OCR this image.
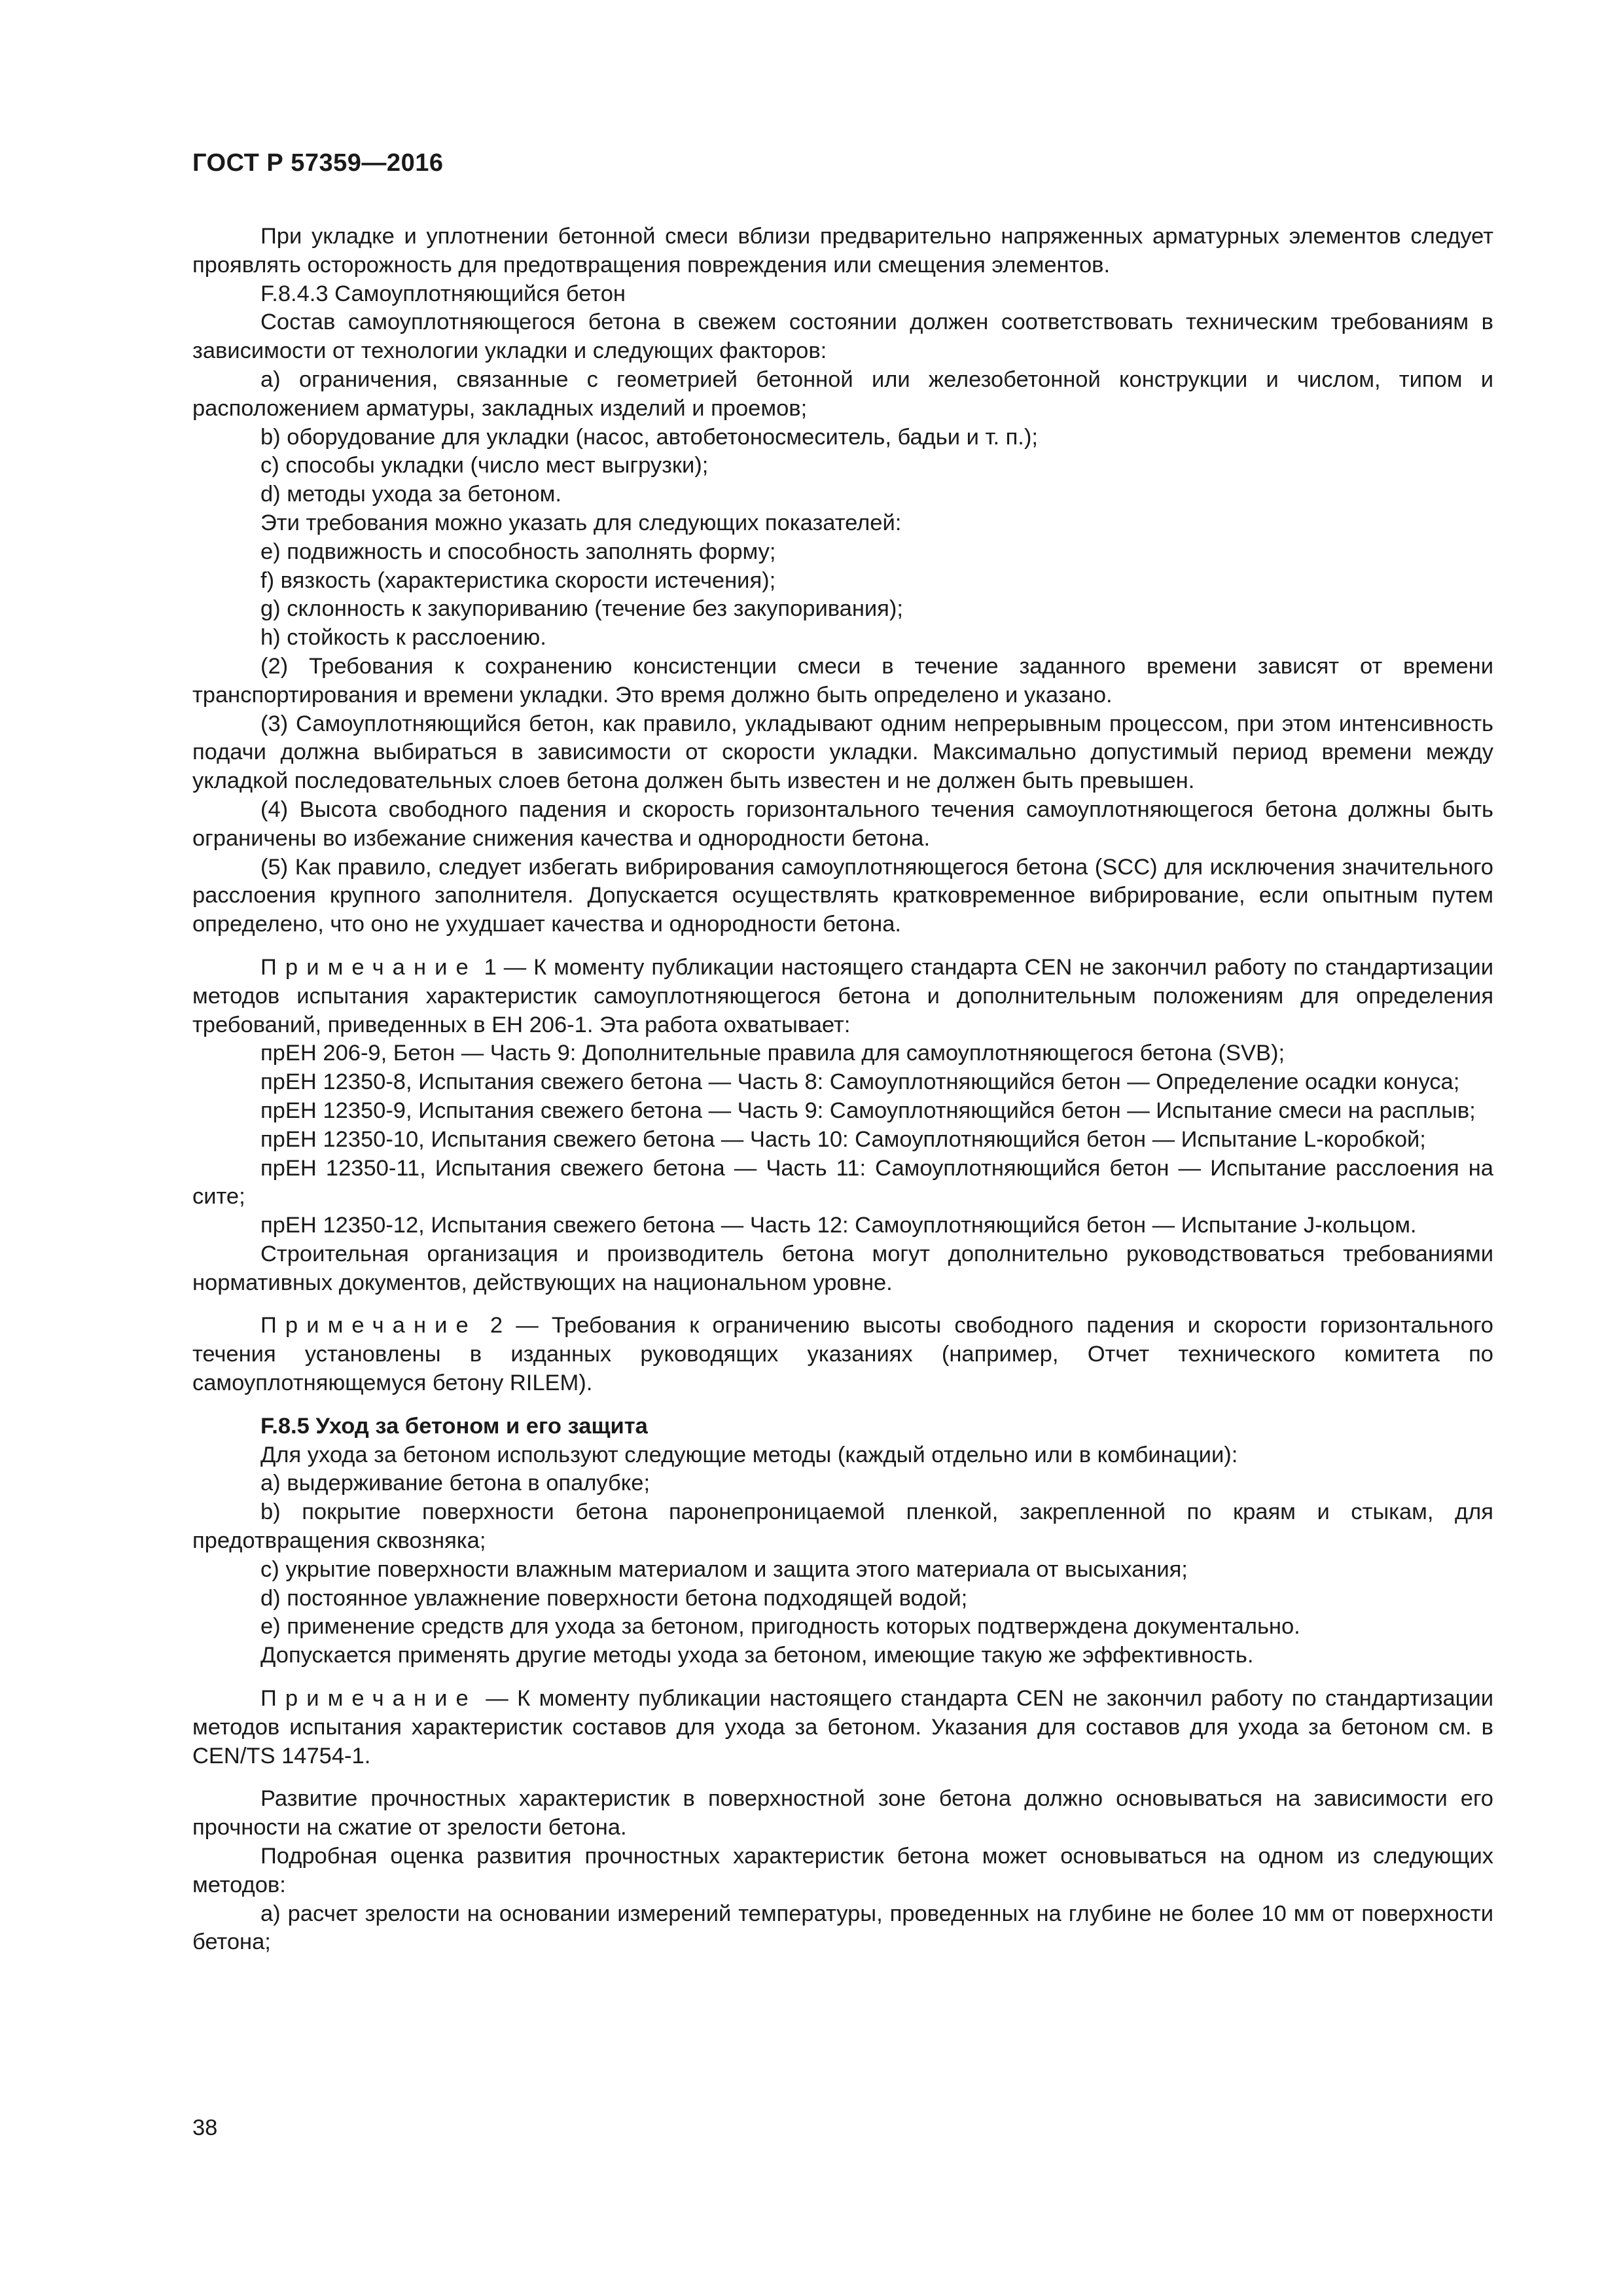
ГОСТ Р 57359—2016

При укладке и уплотнении бетонной смеси вблизи предварительно напряженных арматурных элементов следует проявлять осторожность для предотвращения повреждения или смещения элементов.

F.8.4.3 Самоуплотняющийся бетон

Состав самоуплотняющегося бетона в свежем состоянии должен соответствовать техническим требованиям в зависимости от технологии укладки и следующих факторов:

a) ограничения, связанные с геометрией бетонной или железобетонной конструкции и числом, типом и расположением арматуры, закладных изделий и проемов;

b) оборудование для укладки (насос, автобетоносмеситель, бадьи и т. п.);

c) способы укладки (число мест выгрузки);

d) методы ухода за бетоном.

Эти требования можно указать для следующих показателей:

e) подвижность и способность заполнять форму;

f) вязкость (характеристика скорости истечения);

g) склонность к закупориванию (течение без закупоривания);

h) стойкость к расслоению.

(2) Требования к сохранению консистенции смеси в течение заданного времени зависят от времени транспортирования и времени укладки. Это время должно быть определено и указано.

(3) Самоуплотняющийся бетон, как правило, укладывают одним непрерывным процессом, при этом интенсивность подачи должна выбираться в зависимости от скорости укладки. Максимально допустимый период времени между укладкой последовательных слоев бетона должен быть известен и не должен быть превышен.

(4) Высота свободного падения и скорость горизонтального течения самоуплотняющегося бетона должны быть ограничены во избежание снижения качества и однородности бетона.

(5) Как правило, следует избегать вибрирования самоуплотняющегося бетона (SCC) для исключения значительного расслоения крупного заполнителя. Допускается осуществлять кратковременное вибрирование, если опытным путем определено, что оно не ухудшает качества и однородности бетона.

Примечание 1 — К моменту публикации настоящего стандарта CEN не закончил работу по стандартизации методов испытания характеристик самоуплотняющегося бетона и дополнительным положениям для определения требований, приведенных в ЕН 206-1. Эта работа охватывает:

прЕН 206-9, Бетон — Часть 9: Дополнительные правила для самоуплотняющегося бетона (SVB);

прЕН 12350-8, Испытания свежего бетона — Часть 8: Самоуплотняющийся бетон — Определение осадки конуса;

прЕН 12350-9, Испытания свежего бетона — Часть 9: Самоуплотняющийся бетон — Испытание смеси на расплыв;

прЕН 12350-10, Испытания свежего бетона — Часть 10: Самоуплотняющийся бетон — Испытание L-коробкой;

прЕН 12350-11, Испытания свежего бетона — Часть 11: Самоуплотняющийся бетон — Испытание расслоения на сите;

прЕН 12350-12, Испытания свежего бетона — Часть 12: Самоуплотняющийся бетон — Испытание J-кольцом.

Строительная организация и производитель бетона могут дополнительно руководствоваться требованиями нормативных документов, действующих на национальном уровне.

Примечание 2 — Требования к ограничению высоты свободного падения и скорости горизонтального течения установлены в изданных руководящих указаниях (например, Отчет технического комитета по самоуплотняющемуся бетону RILEM).

F.8.5 Уход за бетоном и его защита

Для ухода за бетоном используют следующие методы (каждый отдельно или в комбинации):

a) выдерживание бетона в опалубке;

b) покрытие поверхности бетона паронепроницаемой пленкой, закрепленной по краям и стыкам, для предотвращения сквозняка;

c) укрытие поверхности влажным материалом и защита этого материала от высыхания;

d) постоянное увлажнение поверхности бетона подходящей водой;

e) применение средств для ухода за бетоном, пригодность которых подтверждена документально.

Допускается применять другие методы ухода за бетоном, имеющие такую же эффективность.

Примечание — К моменту публикации настоящего стандарта CEN не закончил работу по стандартизации методов испытания характеристик составов для ухода за бетоном. Указания для составов для ухода за бетоном см. в CEN/TS 14754-1.

Развитие прочностных характеристик в поверхностной зоне бетона должно основываться на зависимости его прочности на сжатие от зрелости бетона.

Подробная оценка развития прочностных характеристик бетона может основываться на одном из следующих методов:

a) расчет зрелости на основании измерений температуры, проведенных на глубине не более 10 мм от поверхности бетона;

38
